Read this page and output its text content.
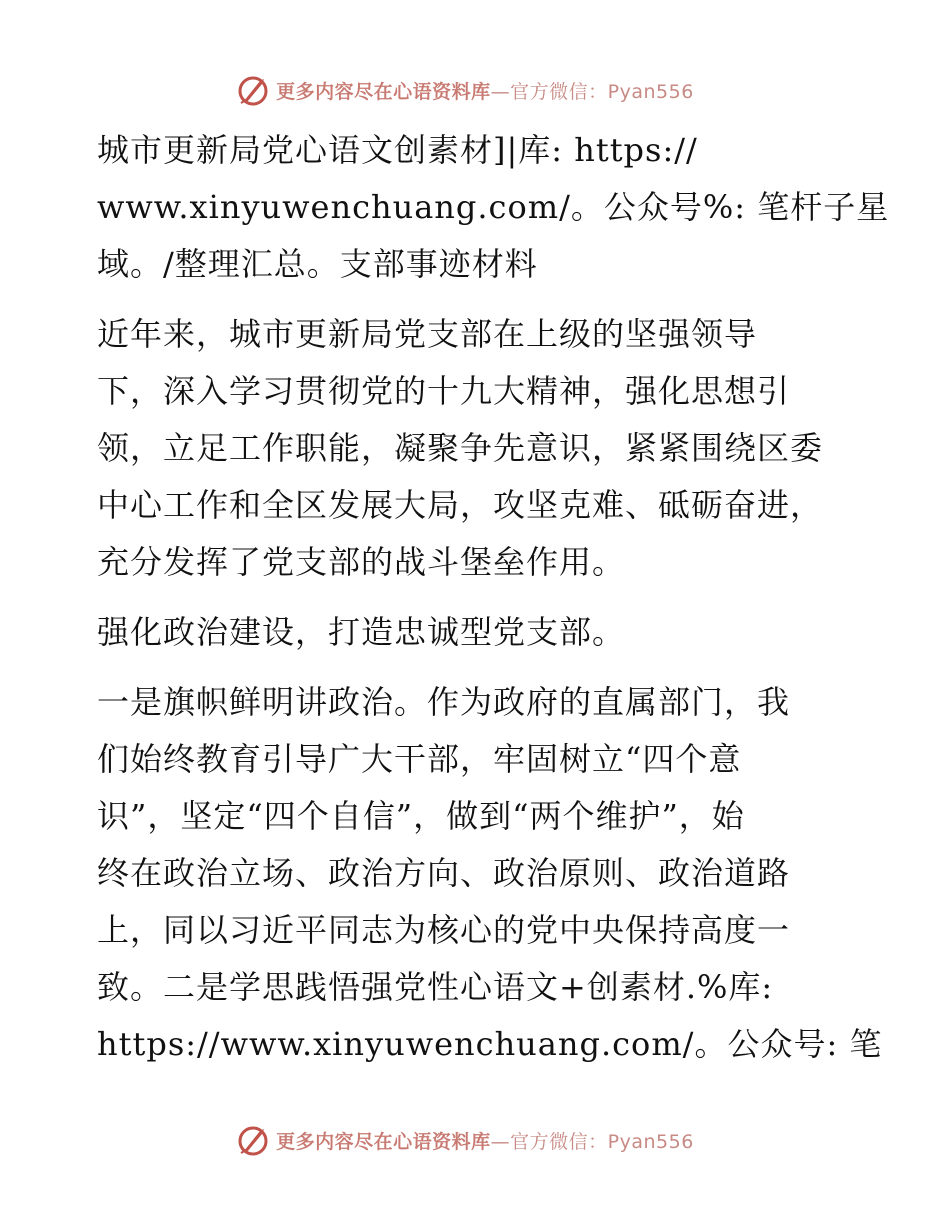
更多内容尽在心语资料库—官方微信：Pyan556
城市更新局党心语文创素材]|库: https://
www.xinyuwenchuang.com/。公众号%: 笔杆子星
域。/整理汇总。支部事迹材料
近年来，城市更新局党支部在上级的坚强领导
下，深入学习贯彻党的十九大精神，强化思想引
领，立足工作职能，凝聚争先意识，紧紧围绕区委
中心工作和全区发展大局，攻坚克难、砥砺奋进，
充分发挥了党支部的战斗堡垒作用。
强化政治建设，打造忠诚型党支部。
一是旗帜鲜明讲政治。作为政府的直属部门，我
们始终教育引导广大干部，牢固树立“四个意
识”，坚定“四个自信”，做到“两个维护”，始
终在政治立场、政治方向、政治原则、政治道路
上，同以习近平同志为核心的党中央保持高度一
致。二是学思践悟强党性心语文+创素材.%库:
https://www.xinyuwenchuang.com/。公众号: 笔
更多内容尽在心语资料库—官方微信：Pyan556
